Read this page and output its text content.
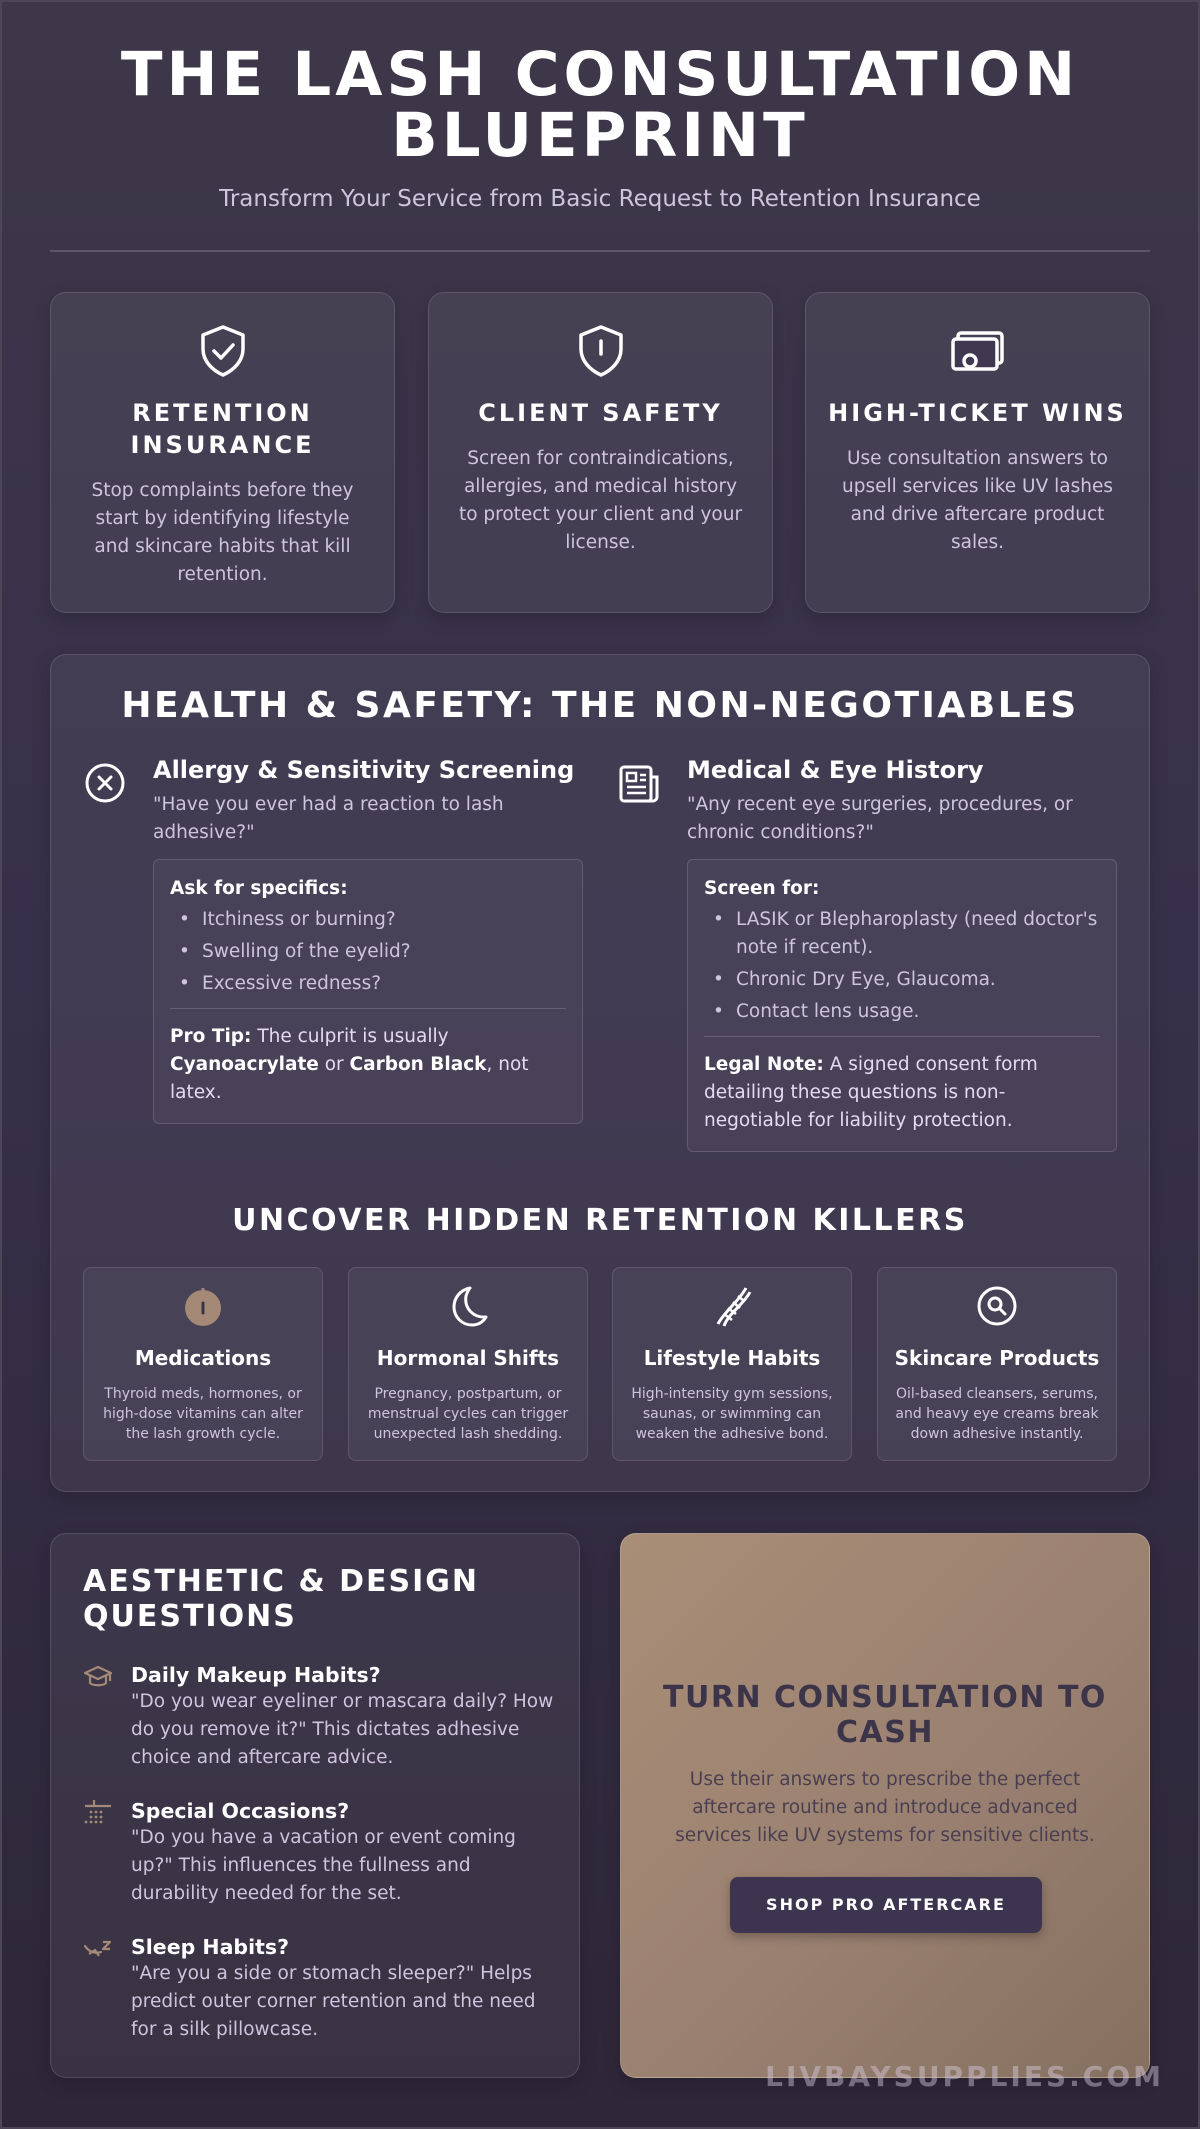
THE LASH CONSULTATION
BLUEPRINT
Transform Your Service from Basic Request to Retention Insurance
RETENTION
INSURANCE

Stop complaints before they start by identifying lifestyle and skincare habits that kill retention.

CLIENT SAFETY

Screen for contraindications, allergies, and medical history to protect your client and your license.

HIGH-TICKET WINS

Use consultation answers to upsell services like UV lashes and drive aftercare product sales.

HEALTH & SAFETY: THE NON-NEGOTIABLES
Allergy & Sensitivity Screening
"Have you ever had a reaction to lash adhesive?"
Ask for specifics:
• Itchiness or burning?
• Swelling of the eyelid?
• Excessive redness?
Pro Tip: The culprit is usually Cyanoacrylate or Carbon Black, not latex.
Medical & Eye History
"Any recent eye surgeries, procedures, or chronic conditions?"
Screen for:
• LASIK or Blepharoplasty (need doctor's note if recent).
• Chronic Dry Eye, Glaucoma.
• Contact lens usage.
Legal Note: A signed consent form detailing these questions is non-negotiable for liability protection.
UNCOVER HIDDEN RETENTION KILLERS
Medications

Thyroid meds, hormones, or high-dose vitamins can alter the lash growth cycle.

Hormonal Shifts

Pregnancy, postpartum, or menstrual cycles can trigger unexpected lash shedding.

Lifestyle Habits

High-intensity gym sessions, saunas, or swimming can weaken the adhesive bond.

Skincare Products

Oil-based cleansers, serums, and heavy eye creams break down adhesive instantly.

AESTHETIC & DESIGN
QUESTIONS
Daily Makeup Habits?

"Do you wear eyeliner or mascara daily? How do you remove it?" This dictates adhesive choice and aftercare advice.

Special Occasions?

"Do you have a vacation or event coming up?" This influences the fullness and durability needed for the set.

Sleep Habits?

"Are you a side or stomach sleeper?" Helps predict outer corner retention and the need for a silk pillowcase.

TURN CONSULTATION TO
CASH

Use their answers to prescribe the perfect aftercare routine and introduce advanced services like UV systems for sensitive clients.

SHOP PRO AFTERCARE
LIVBAYSUPPLIES.COM
